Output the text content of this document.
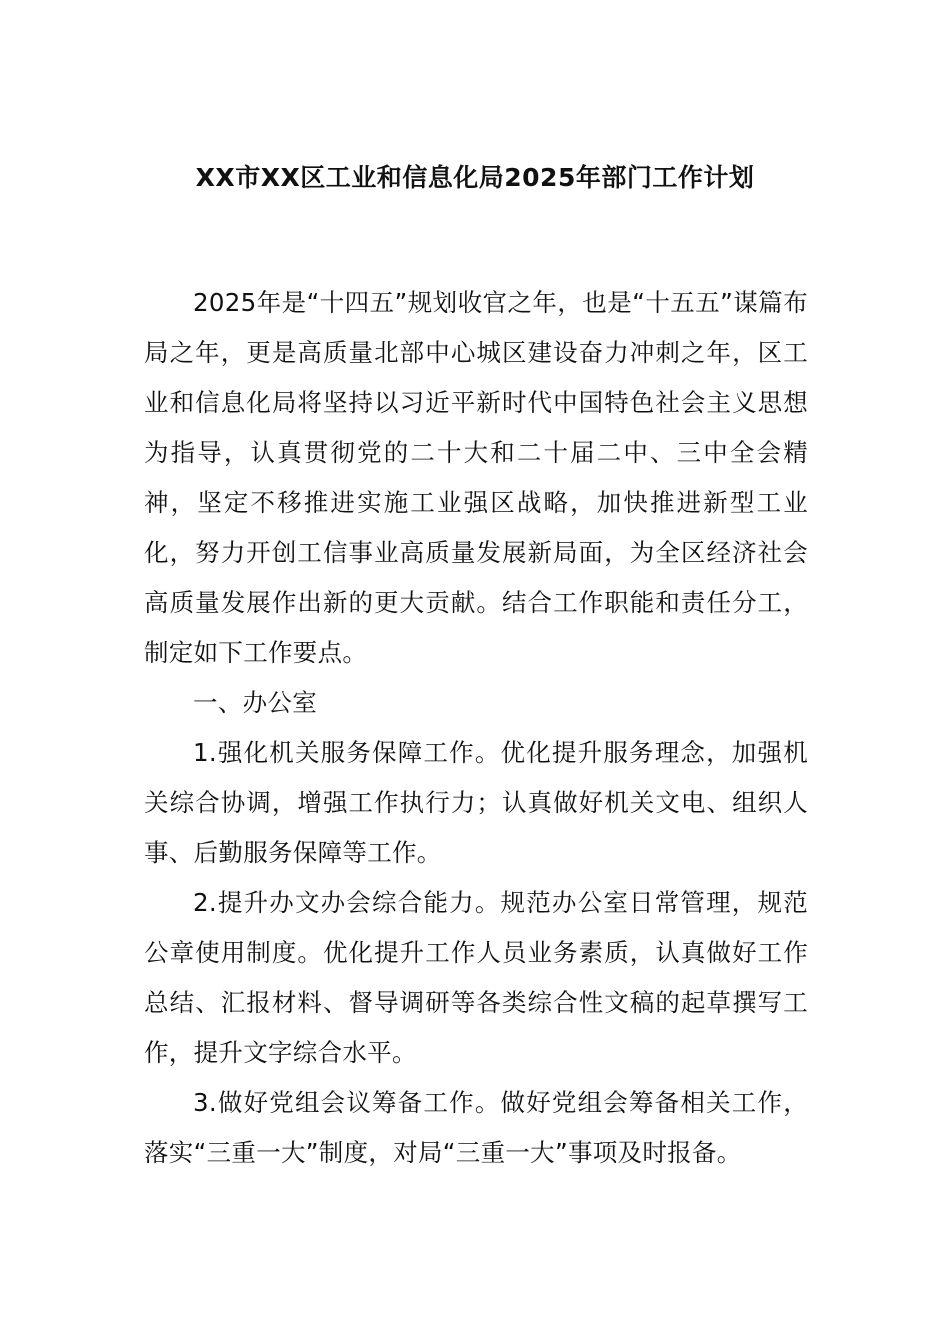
XX市XX区工业和信息化局2025年部门工作计划

2025年是“十四五”规划收官之年，也是“十五五”谋篇布局之年，更是高质量北部中心城区建设奋力冲刺之年，区工业和信息化局将坚持以习近平新时代中国特色社会主义思想为指导，认真贯彻党的二十大和二十届二中、三中全会精神，坚定不移推进实施工业强区战略，加快推进新型工业化，努力开创工信事业高质量发展新局面，为全区经济社会高质量发展作出新的更大贡献。结合工作职能和责任分工，制定如下工作要点。

一、办公室

1.强化机关服务保障工作。优化提升服务理念，加强机关综合协调，增强工作执行力；认真做好机关文电、组织人事、后勤服务保障等工作。

2.提升办文办会综合能力。规范办公室日常管理，规范公章使用制度。优化提升工作人员业务素质，认真做好工作总结、汇报材料、督导调研等各类综合性文稿的起草撰写工作，提升文字综合水平。

3.做好党组会议筹备工作。做好党组会筹备相关工作，落实“三重一大”制度，对局“三重一大”事项及时报备。
